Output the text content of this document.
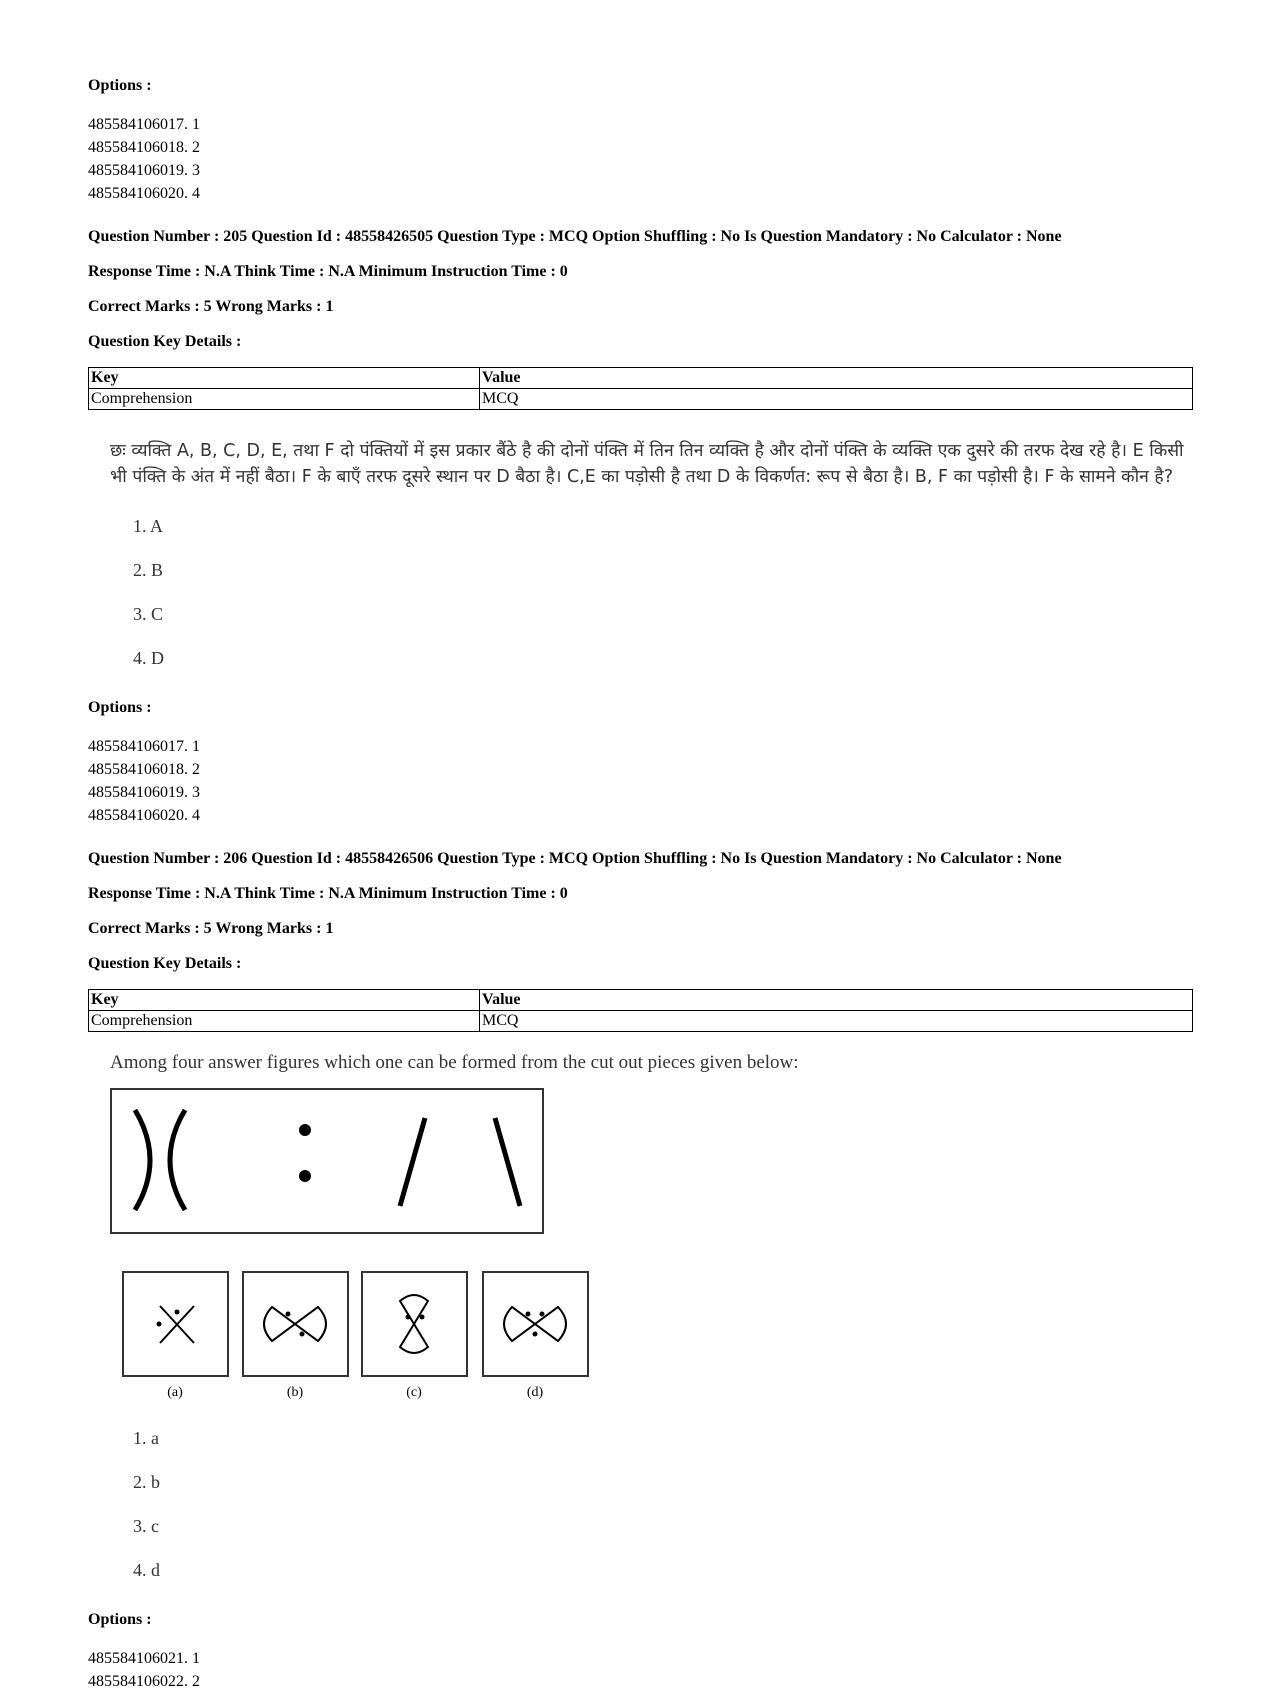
Options :

485584106017. 1

485584106018. 2

485584106019. 3

485584106020. 4

Question Number : 205 Question Id : 48558426505 Question Type : MCQ Option Shuffling : No Is Question Mandatory : No Calculator : None

Response Time : N.A Think Time : N.A Minimum Instruction Time : 0

Correct Marks : 5 Wrong Marks : 1

Question Key Details :

Key	Value
Comprehension	MCQ

छः व्यक्ति A, B, C, D, E, तथा F दो पंक्तियों में इस प्रकार बैंठे है की दोनों पंक्ति में तिन तिन व्यक्ति है और दोनों पंक्ति के व्यक्ति एक दुसरे की तरफ देख रहे है। E किसी भी पंक्ति के अंत में नहीं बैठा। F के बाएँ तरफ दूसरे स्थान पर D बैठा है। C,E का पड़ोसी है तथा D के विकर्णत: रूप से बैठा है। B, F का पड़ोसी है। F के सामने कौन है?

1. A
2. B
3. C
4. D

Options :

485584106017. 1

485584106018. 2

485584106019. 3

485584106020. 4

Question Number : 206 Question Id : 48558426506 Question Type : MCQ Option Shuffling : No Is Question Mandatory : No Calculator : None

Response Time : N.A Think Time : N.A Minimum Instruction Time : 0

Correct Marks : 5 Wrong Marks : 1

Question Key Details :

Key	Value
Comprehension	MCQ

Among four answer figures which one can be formed from the cut out pieces given below:

(a)	(b)	(c)	(d)
1. a
2. b
3. c
4. d

Options :

485584106021. 1

485584106022. 2
